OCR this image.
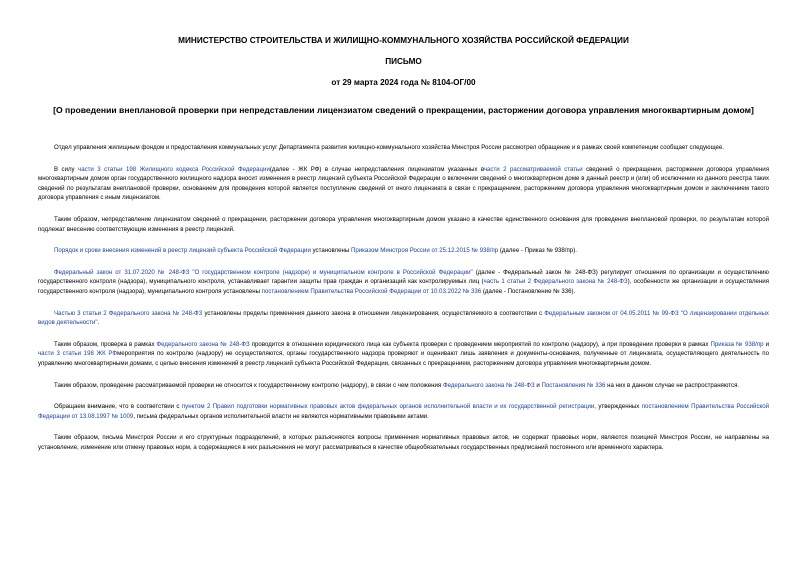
МИНИСТЕРСТВО СТРОИТЕЛЬСТВА И ЖИЛИЩНО-КОММУНАЛЬНОГО ХОЗЯЙСТВА РОССИЙСКОЙ ФЕДЕРАЦИИ
ПИСЬМО
от 29 марта 2024 года № 8104-ОГ/00
[О проведении внеплановой проверки при непредставлении лицензиатом сведений о прекращении, расторжении договора управления многоквартирным домом]

Отдел управления жилищным фондом и предоставления коммунальных услуг Департамента развития жилищно-коммунального хозяйства Минстроя России рассмотрел обращение и в рамках своей компетенции сообщает следующее.

В силу части 3 статьи 198 Жилищного кодекса Российской Федерации(далее - ЖК РФ) в случае непредставления лицензиатом указанных вчасти 2 рассматриваемой статьи сведений о прекращении, расторжении договора управления многоквартирным домом орган государственного жилищного надзора вносит изменения в реестр лицензий субъекта Российской Федерации о включении сведений о многоквартирном доме в данный реестр и (или) об исключении из данного реестра таких сведений по результатам внеплановой проверки, основанием для проведения которой является поступление сведений от иного лицензиата в связи с прекращением, расторжением договора управления многоквартирным домом и заключением такого договора управления с иным лицензиатом.

Таким образом, непредставление лицензиатом сведений о прекращении, расторжении договора управления многоквартирным домом указано в качестве единственного основания для проведения внеплановой проверки, по результатам которой подлежат внесению соответствующие изменения в реестр лицензий.

Порядок и сроки внесения изменений в реестр лицензий субъекта Российской Федерации установлены Приказом Минстроя России от 25.12.2015 № 938/пр (далее - Приказ № 938/пр).

Федеральный закон от 31.07.2020 № 248-ФЗ "О государственном контроле (надзоре) и муниципальном контроле в Российской Федерации" (далее - Федеральный закон № 248-ФЗ) регулирует отношения по организации и осуществлению государственного контроля (надзора), муниципального контроля, устанавливает гарантии защиты прав граждан и организаций как контролируемых лиц (часть 1 статьи 2 Федерального закона № 248-ФЗ), особенности же организации и осуществления государственного контроля (надзора), муниципального контроля установлены постановлением Правительства Российской Федерации от 10.03.2022 № 336 (далее - Постановление № 336).

Частью 3 статьи 2 Федерального закона № 248-ФЗ установлены пределы применения данного закона в отношении лицензирования, осуществляемого в соответствии с Федеральным законом от 04.05.2011 № 99-ФЗ "О лицензировании отдельных видов деятельности".

Таким образом, проверка в рамках Федерального закона № 248-ФЗ проводится в отношении юридического лица как субъекта проверки с проведением мероприятий по контролю (надзору), а при проведении проверки в рамках Приказа № 938/пр и части 3 статьи 198 ЖК РФмероприятия по контролю (надзору) не осуществляются, органы государственного надзора проверяют и оценивают лишь заявления и документы-основания, полученные от лицензиата, осуществляющего деятельность по управлению многоквартирными домами, с целью внесения изменений в реестр лицензий субъекта Российской Федерации, связанных с прекращением, расторжением договора управления многоквартирным домом.

Таким образом, проведение рассматриваемой проверки не относится к государственному контролю (надзору), в связи с чем положения Федерального закона № 248-ФЗ и Постановления № 336 на них в данном случае не распространяются.

Обращаем внимание, что в соответствии с пунктом 2 Правил подготовки нормативных правовых актов федеральных органов исполнительной власти и их государственной регистрации, утвержденных постановлением Правительства Российской Федерации от 13.08.1997 № 1009, письма федеральных органов исполнительной власти не являются нормативными правовыми актами.

Таким образом, письма Минстроя России и его структурных подразделений, в которых разъясняются вопросы применения нормативных правовых актов, не содержат правовых норм, являются позицией Минстроя России, не направлены на установление, изменение или отмену правовых норм, а содержащиеся в них разъяснения не могут рассматриваться в качестве общеобязательных государственных предписаний постоянного или временного характера.
